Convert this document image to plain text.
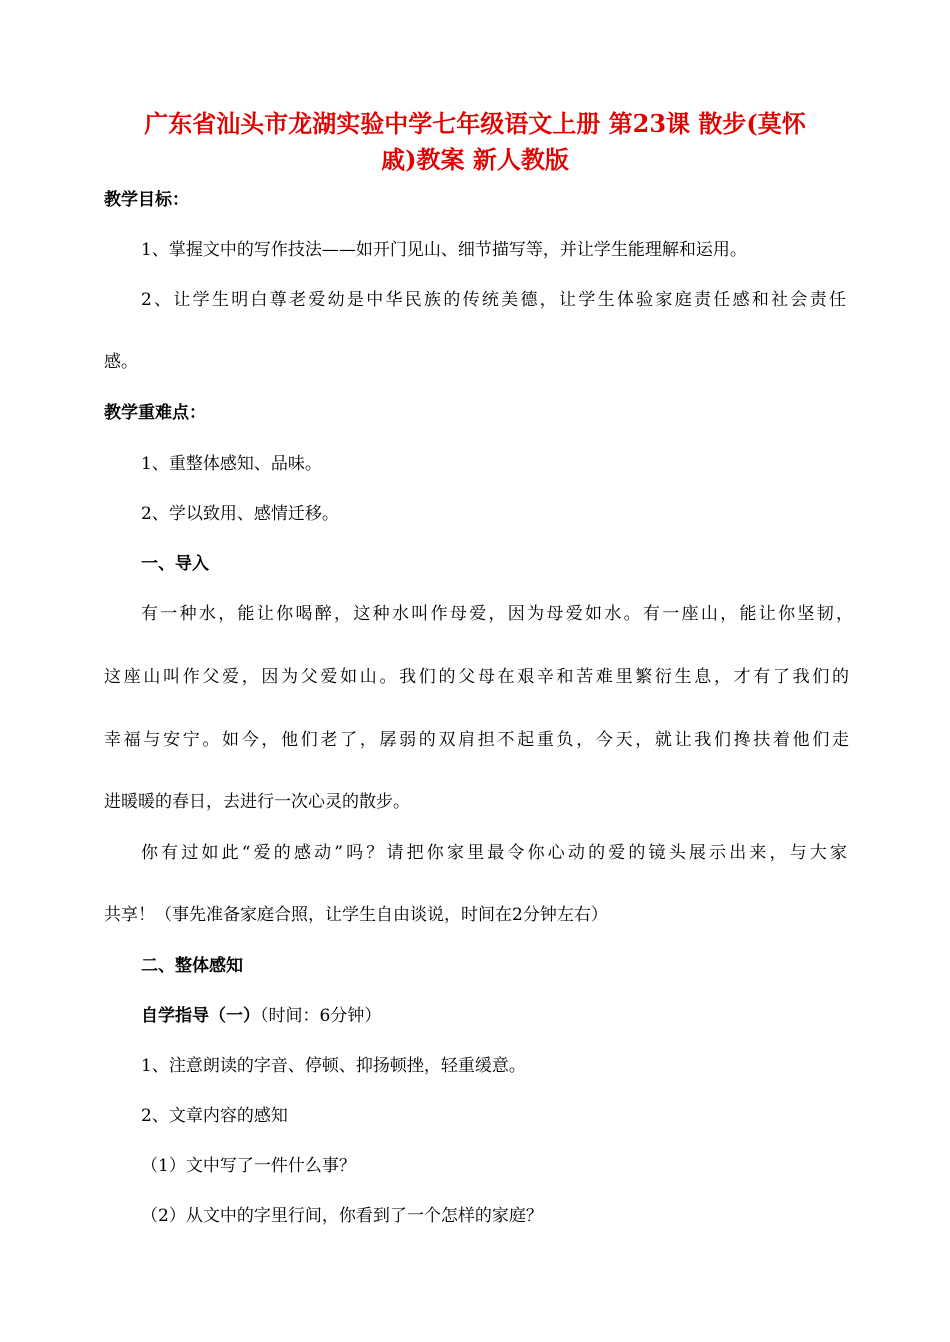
广东省汕头市龙湖实验中学七年级语文上册 第23课 散步(莫怀
戚)教案 新人教版
教学目标：
1、掌握文中的写作技法——如开门见山、细节描写等，并让学生能理解和运用。
2、让学生明白尊老爱幼是中华民族的传统美德，让学生体验家庭责任感和社会责任
感。
教学重难点：
1、重整体感知、品味。
2、学以致用、感情迁移。
一、导入
有一种水，能让你喝醉，这种水叫作母爱，因为母爱如水。有一座山，能让你坚韧，
这座山叫作父爱，因为父爱如山。我们的父母在艰辛和苦难里繁衍生息，才有了我们的
幸福与安宁。如今，他们老了，孱弱的双肩担不起重负，今天，就让我们搀扶着他们走
进暖暖的春日，去进行一次心灵的散步。
你有过如此“爱的感动”吗？请把你家里最令你心动的爱的镜头展示出来，与大家
共享！（事先准备家庭合照，让学生自由谈说，时间在2分钟左右）
二、整体感知
自学指导（一）（时间：6分钟）
1、注意朗读的字音、停顿、抑扬顿挫，轻重缓意。
2、文章内容的感知
（1）文中写了一件什么事？
（2）从文中的字里行间，你看到了一个怎样的家庭？
